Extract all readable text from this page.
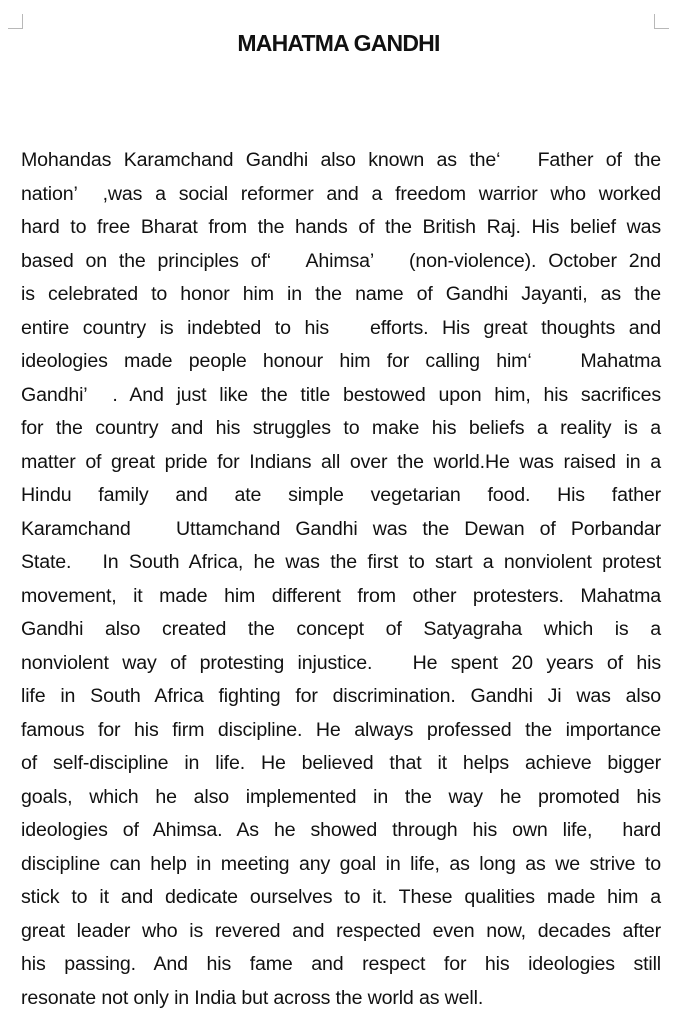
MAHATMA GANDHI
Mohandas Karamchand Gandhi also known as the‘   Father of the
nation’  ,was a social reformer and a freedom warrior who worked
hard to free Bharat from the hands of the British Raj. His belief was
based on the principles of‘   Ahimsa’   (non-violence). October 2nd
is celebrated to honor him in the name of Gandhi Jayanti, as the
entire country is indebted to his   efforts. His great thoughts and
ideologies made people honour him for calling him‘   Mahatma
Gandhi’  . And just like the title bestowed upon him, his sacrifices
for the country and his struggles to make his beliefs a reality is a
matter of great pride for Indians all over the world.He was raised in a
Hindu family and ate simple vegetarian food. His father
Karamchand   Uttamchand Gandhi was the Dewan of Porbandar
State.   In South Africa, he was the first to start a nonviolent protest
movement, it made him different from other protesters. Mahatma
Gandhi also created the concept of Satyagraha which is a
nonviolent way of protesting injustice.   He spent 20 years of his
life in South Africa fighting for discrimination. Gandhi Ji was also
famous for his firm discipline. He always professed the importance
of self-discipline in life. He believed that it helps achieve bigger
goals, which he also implemented in the way he promoted his
ideologies of Ahimsa. As he showed through his own life,  hard
discipline can help in meeting any goal in life, as long as we strive to
stick to it and dedicate ourselves to it. These qualities made him a
great leader who is revered and respected even now, decades after
his passing. And his fame and respect for his ideologies still
resonate not only in India but across the world as well.
